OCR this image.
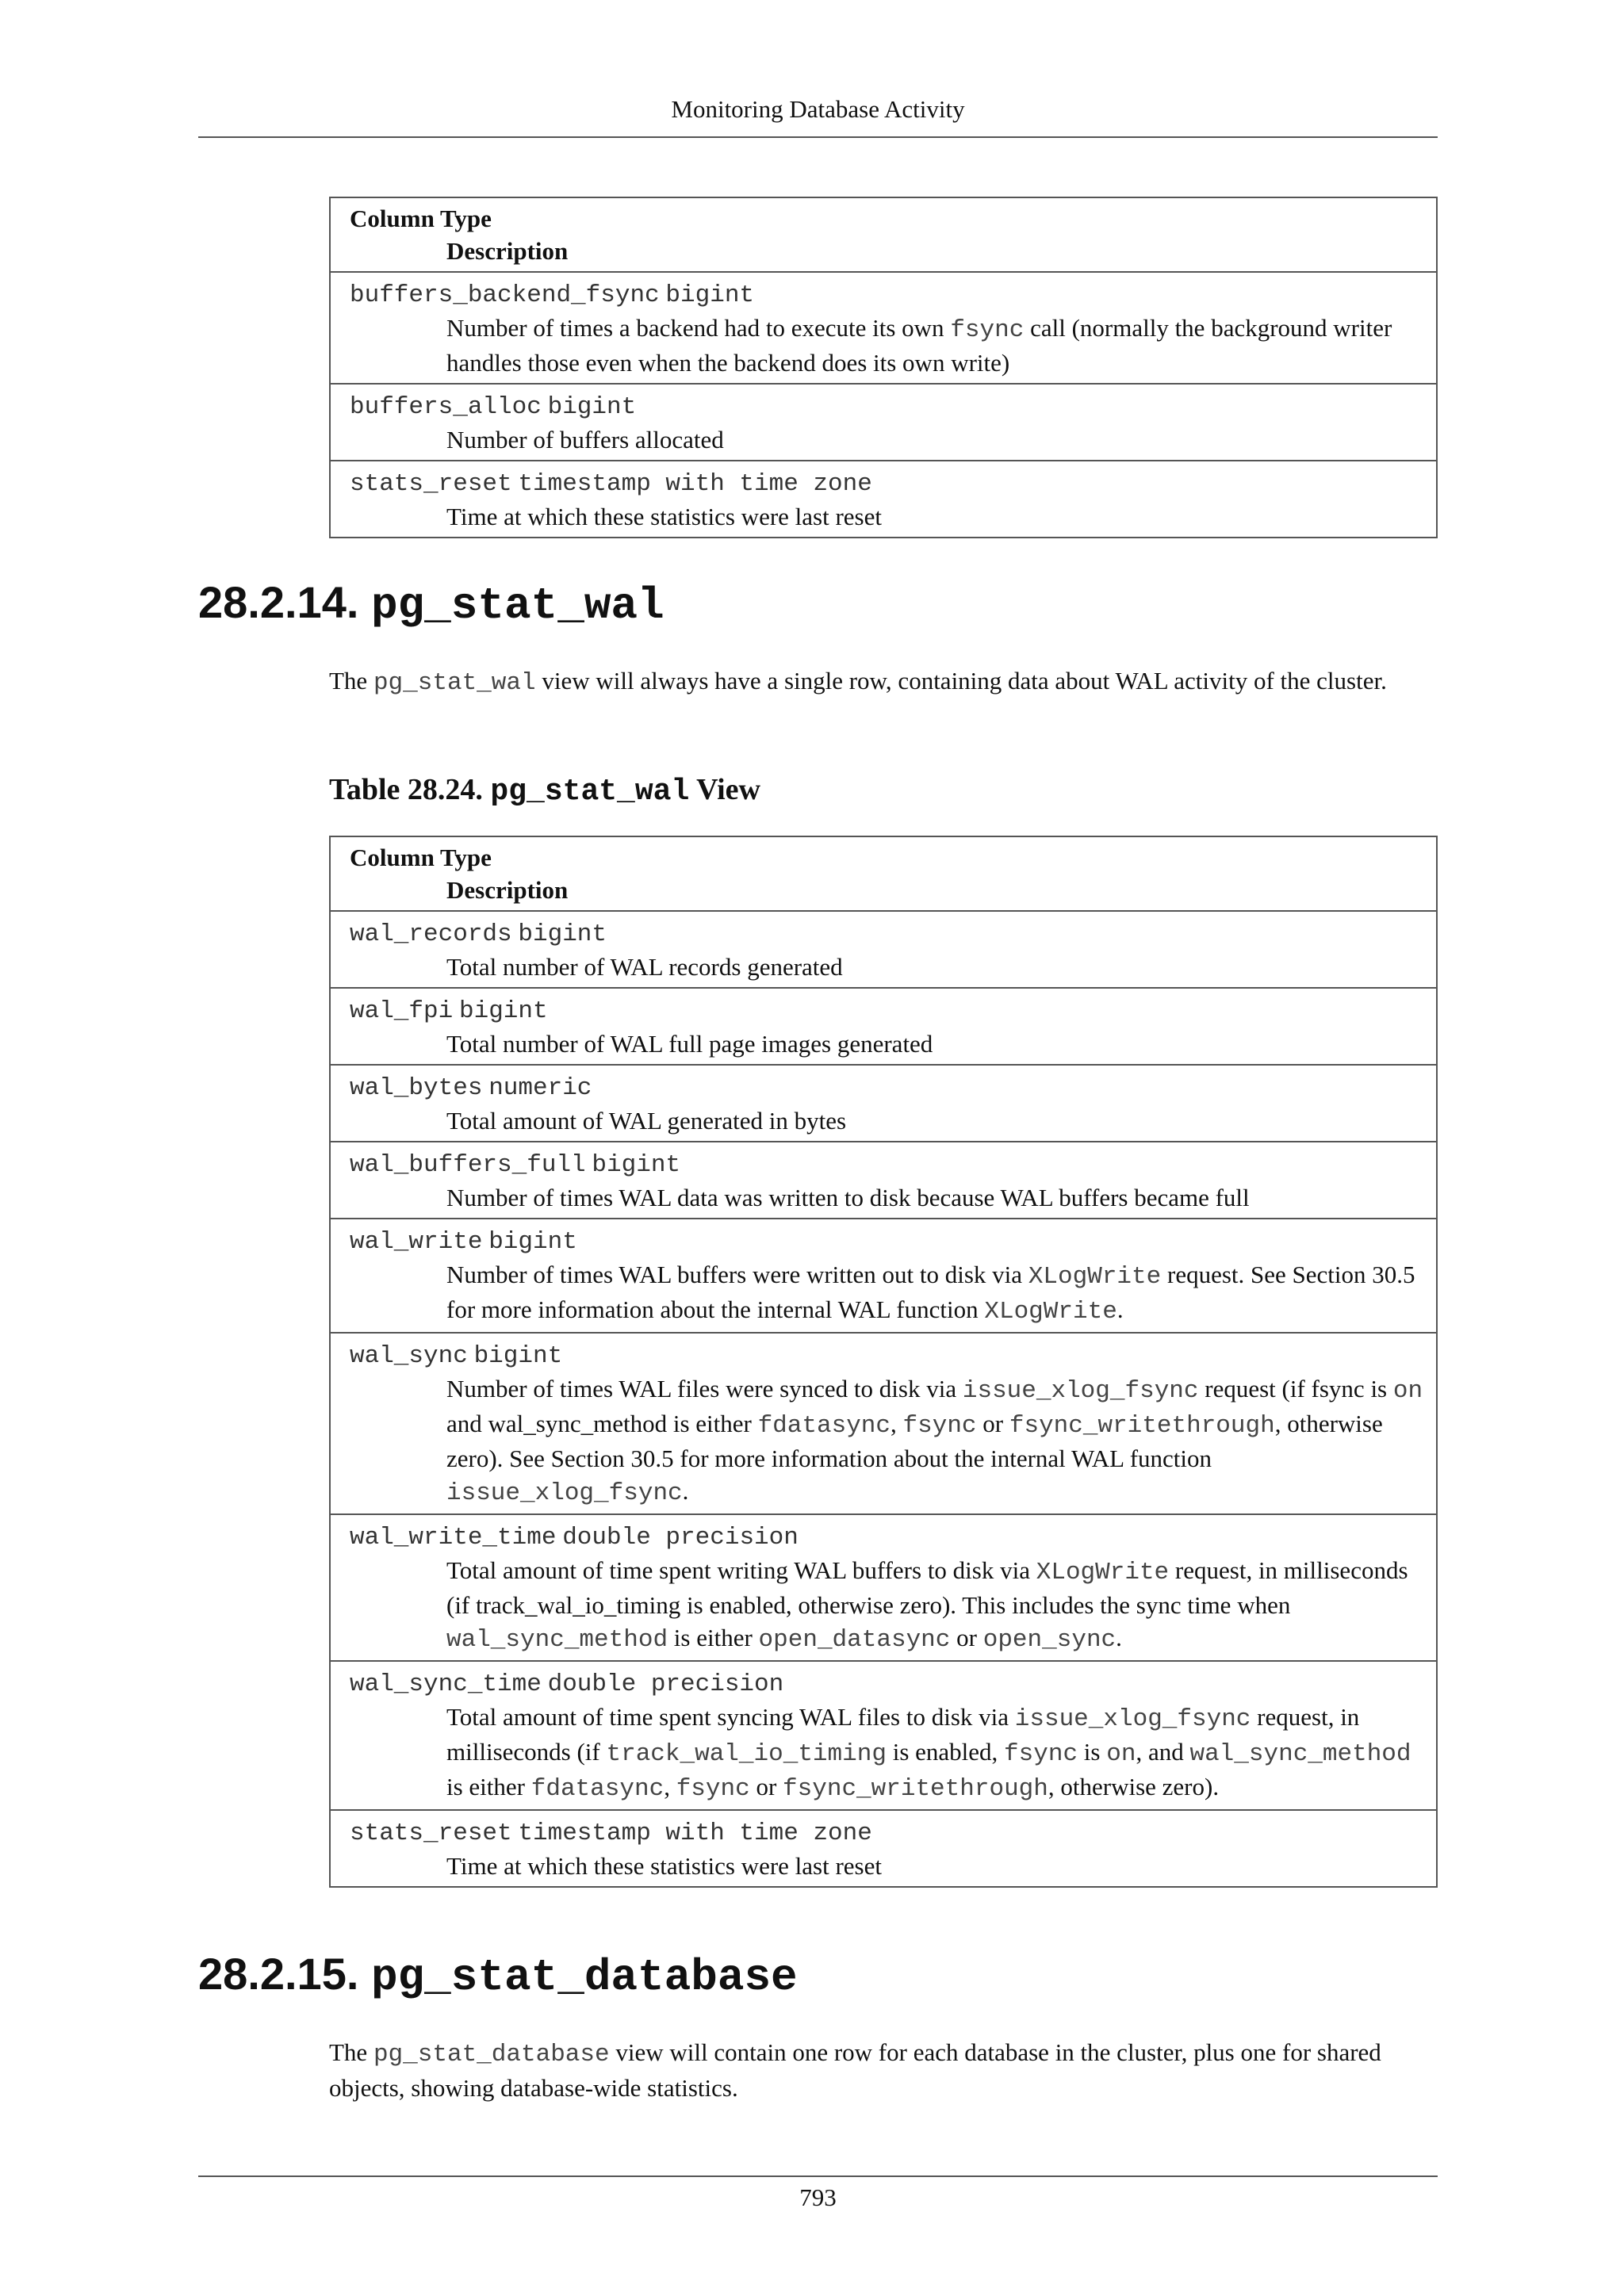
Monitoring Database Activity
Column Type
Description

buffers_backend_fsync bigint
Number of times a backend had to execute its own fsync call (normally the background writer handles those even when the backend does its own write)

buffers_alloc bigint
Number of buffers allocated

stats_reset timestamp with time zone
Time at which these statistics were last reset
28.2.14. pg_stat_wal
The pg_stat_wal view will always have a single row, containing data about WAL activity of the cluster.
Table 28.24. pg_stat_wal View
Column Type
Description

wal_records bigint
Total number of WAL records generated

wal_fpi bigint
Total number of WAL full page images generated

wal_bytes numeric
Total amount of WAL generated in bytes

wal_buffers_full bigint
Number of times WAL data was written to disk because WAL buffers became full

wal_write bigint
Number of times WAL buffers were written out to disk via XLogWrite request. See Section 30.5 for more information about the internal WAL function XLogWrite.

wal_sync bigint
Number of times WAL files were synced to disk via issue_xlog_fsync request (if fsync is on and wal_sync_method is either fdatasync, fsync or fsync_writethrough, otherwise zero). See Section 30.5 for more information about the internal WAL function issue_xlog_fsync.

wal_write_time double precision
Total amount of time spent writing WAL buffers to disk via XLogWrite request, in milliseconds (if track_wal_io_timing is enabled, otherwise zero). This includes the sync time when wal_sync_method is either open_datasync or open_sync.

wal_sync_time double precision
Total amount of time spent syncing WAL files to disk via issue_xlog_fsync request, in milliseconds (if track_wal_io_timing is enabled, fsync is on, and wal_sync_method is either fdatasync, fsync or fsync_writethrough, otherwise zero).

stats_reset timestamp with time zone
Time at which these statistics were last reset
28.2.15. pg_stat_database
The pg_stat_database view will contain one row for each database in the cluster, plus one for shared objects, showing database-wide statistics.
793
